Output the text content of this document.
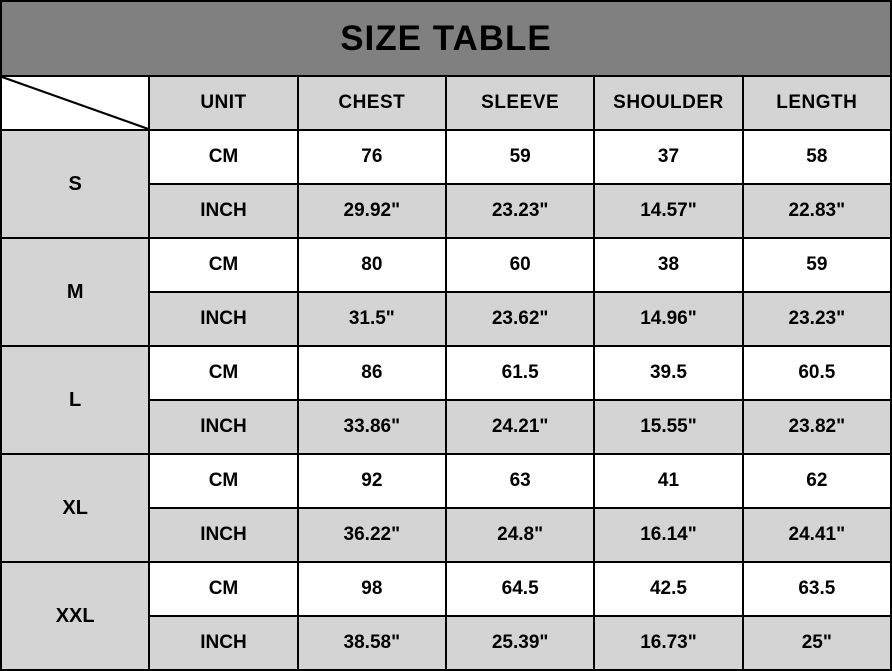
SIZE TABLE					

	UNIT	CHEST	SLEEVE	SHOULDER	LENGTH
S	CM	76	59	37	58
	INCH	29.92"	23.23"	14.57"	22.83"
M	CM	80	60	38	59
	INCH	31.5"	23.62"	14.96"	23.23"
L	CM	86	61.5	39.5	60.5
	INCH	33.86"	24.21"	15.55"	23.82"
XL	CM	92	63	41	62
	INCH	36.22"	24.8"	16.14"	24.41"
XXL	CM	98	64.5	42.5	63.5
	INCH	38.58"	25.39"	16.73"	25"
